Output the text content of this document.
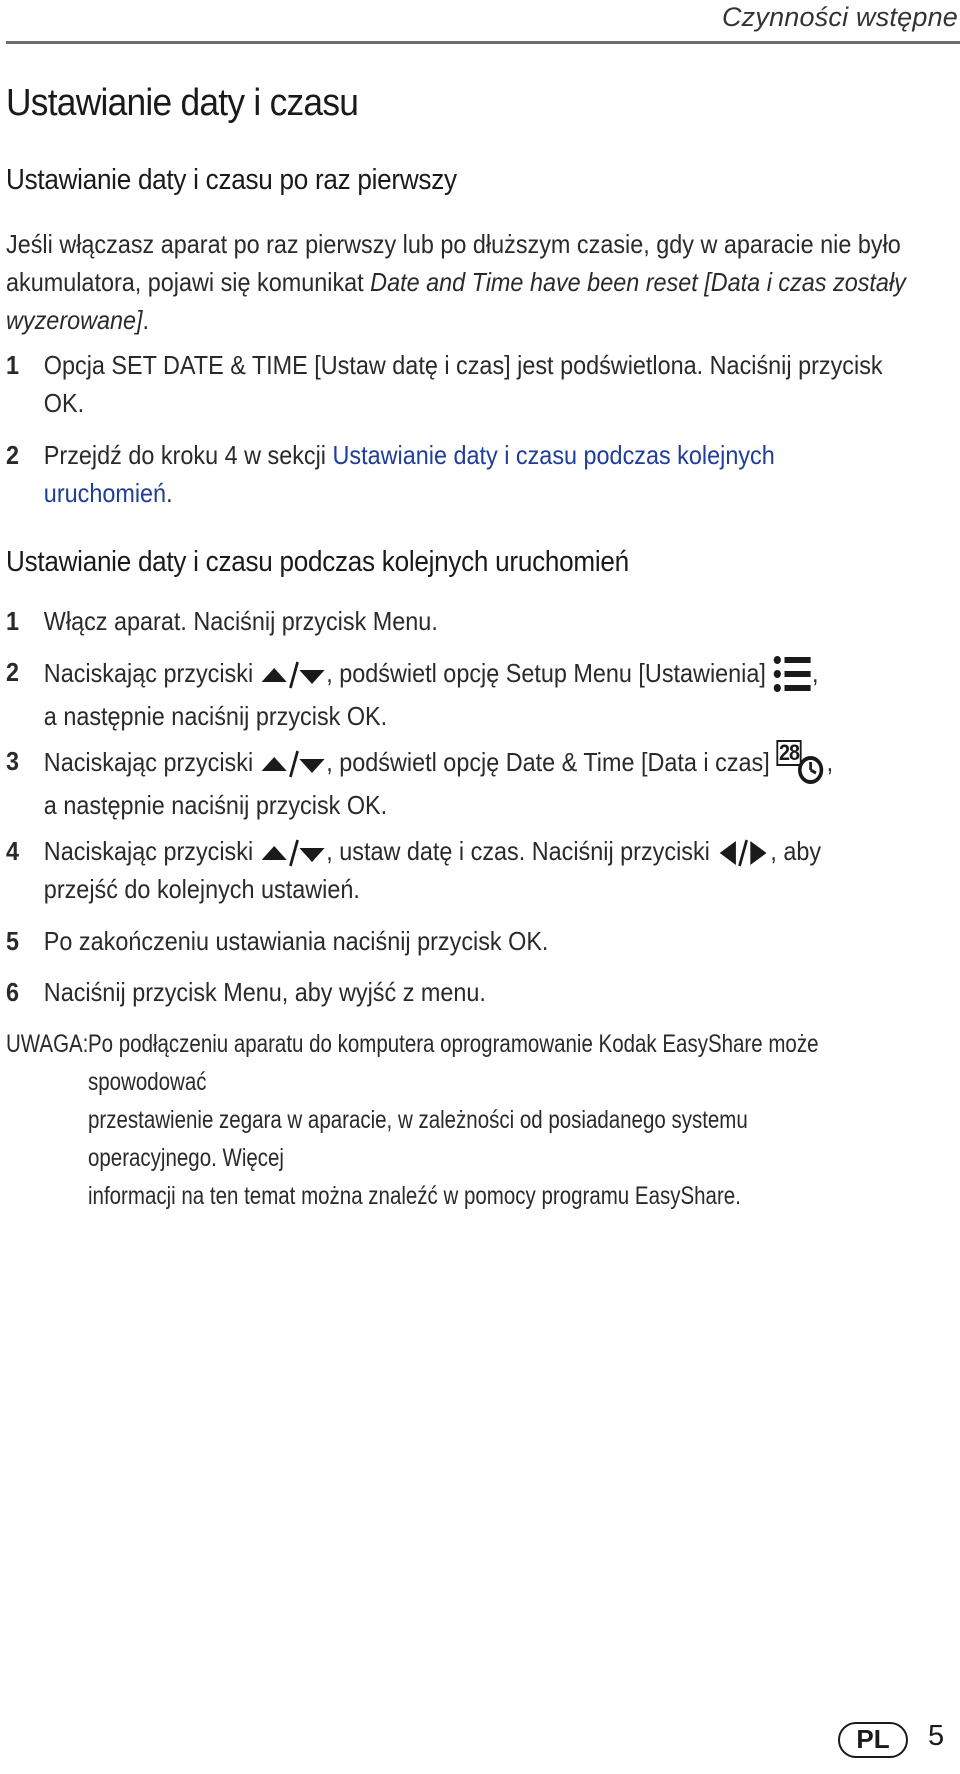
Czynności wstępne
Ustawianie daty i czasu
Ustawianie daty i czasu po raz pierwszy

Jeśli włączasz aparat po raz pierwszy lub po dłuższym czasie, gdy w aparacie nie było akumulatora, pojawi się komunikat Date and Time have been reset [Data i czas zostały wyzerowane].

1 Opcja SET DATE & TIME [Ustaw datę i czas] jest podświetlona. Naciśnij przycisk
OK.
2 Przejdź do kroku 4 w sekcji Ustawianie daty i czasu podczas kolejnych
uruchomień.
Ustawianie daty i czasu podczas kolejnych uruchomień
1 Włącz aparat. Naciśnij przycisk Menu.
2 Naciskając przyciski	, podświetl opcję Setup Menu [Ustawienia] ,
a następnie naciśnij przycisk OK.
3 Naciskając przyciski	, podświetl opcję Date & Time [Data i czas] 28 ,
a następnie naciśnij przycisk OK.
4 Naciskając przyciski	, ustaw datę i czas. Naciśnij przyciski , aby
przejść do kolejnych ustawień.
5 Po zakończeniu ustawiania naciśnij przycisk OK.
6 Naciśnij przycisk Menu, aby wyjść z menu.
UWAGA: Po podłączeniu aparatu do komputera oprogramowanie Kodak EasyShare może spowodować
przestawienie zegara w aparacie, w zależności od posiadanego systemu operacyjnego. Więcej
informacji na ten temat można znaleźć w pomocy programu EasyShare.
PL	5
